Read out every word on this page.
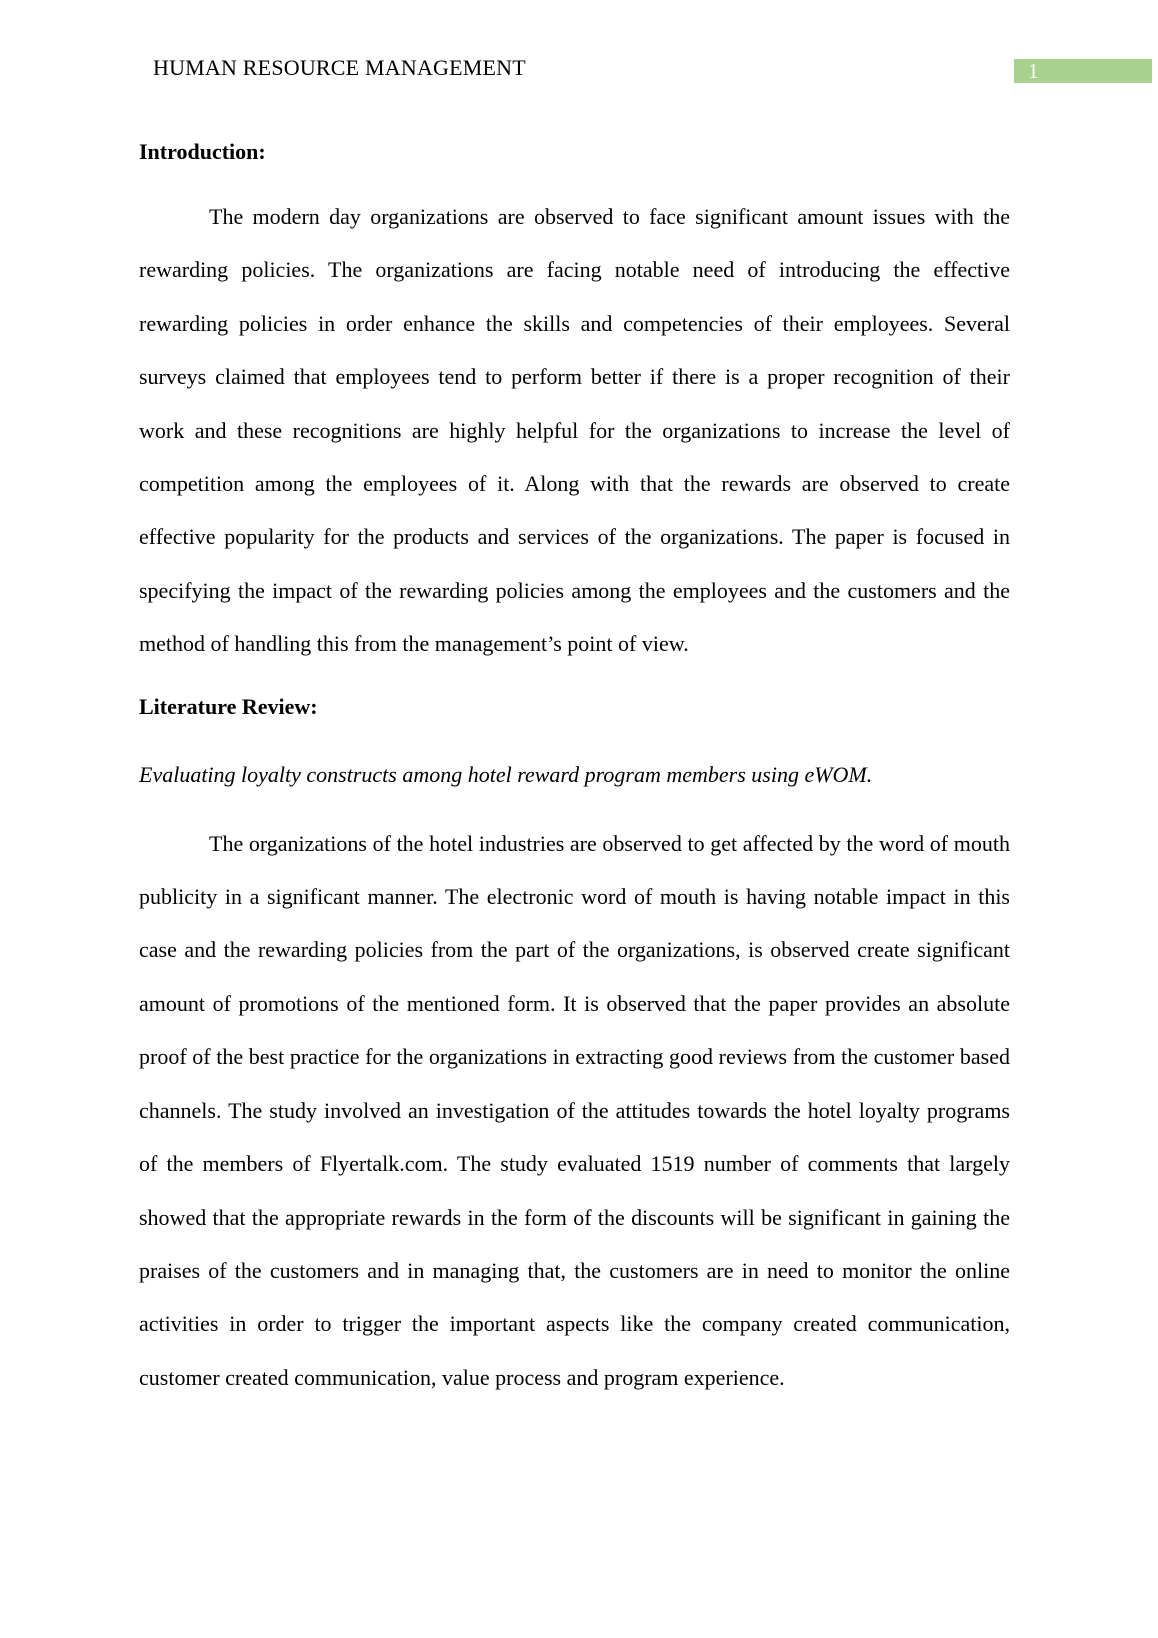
HUMAN RESOURCE MANAGEMENT	1

Introduction:

The modern day organizations are observed to face significant amount issues with the rewarding policies. The organizations are facing notable need of introducing the effective rewarding policies in order enhance the skills and competencies of their employees. Several surveys claimed that employees tend to perform better if there is a proper recognition of their work and these recognitions are highly helpful for the organizations to increase the level of competition among the employees of it. Along with that the rewards are observed to create effective popularity for the products and services of the organizations. The paper is focused in specifying the impact of the rewarding policies among the employees and the customers and the method of handling this from the management’s point of view.

Literature Review:

Evaluating loyalty constructs among hotel reward program members using eWOM.

The organizations of the hotel industries are observed to get affected by the word of mouth publicity in a significant manner. The electronic word of mouth is having notable impact in this case and the rewarding policies from the part of the organizations, is observed create significant amount of promotions of the mentioned form. It is observed that the paper provides an absolute proof of the best practice for the organizations in extracting good reviews from the customer based channels. The study involved an investigation of the attitudes towards the hotel loyalty programs of the members of Flyertalk.com. The study evaluated 1519 number of comments that largely showed that the appropriate rewards in the form of the discounts will be significant in gaining the praises of the customers and in managing that, the customers are in need to monitor the online activities in order to trigger the important aspects like the company created communication, customer created communication, value process and program experience.
